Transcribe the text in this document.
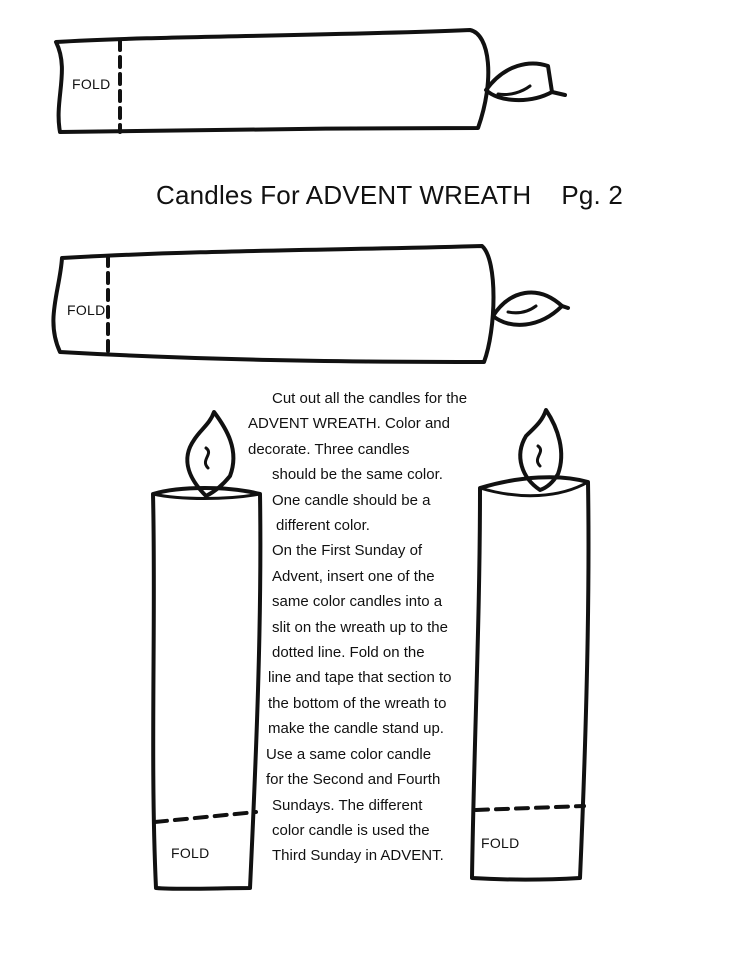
Candles For ADVENT WREATH Pg. 2
FOLD
FOLD
FOLD
FOLD
Cut out all the candles for the
ADVENT WREATH. Color and
decorate. Three candles
should be the same color.
One candle should be a
different color.
On the First Sunday of
Advent, insert one of the
same color candles into a
slit on the wreath up to the
dotted line. Fold on the
line and tape that section to
the bottom of the wreath to
make the candle stand up.
Use a same color candle
for the Second and Fourth
Sundays. The different
color candle is used the
Third Sunday in ADVENT.
